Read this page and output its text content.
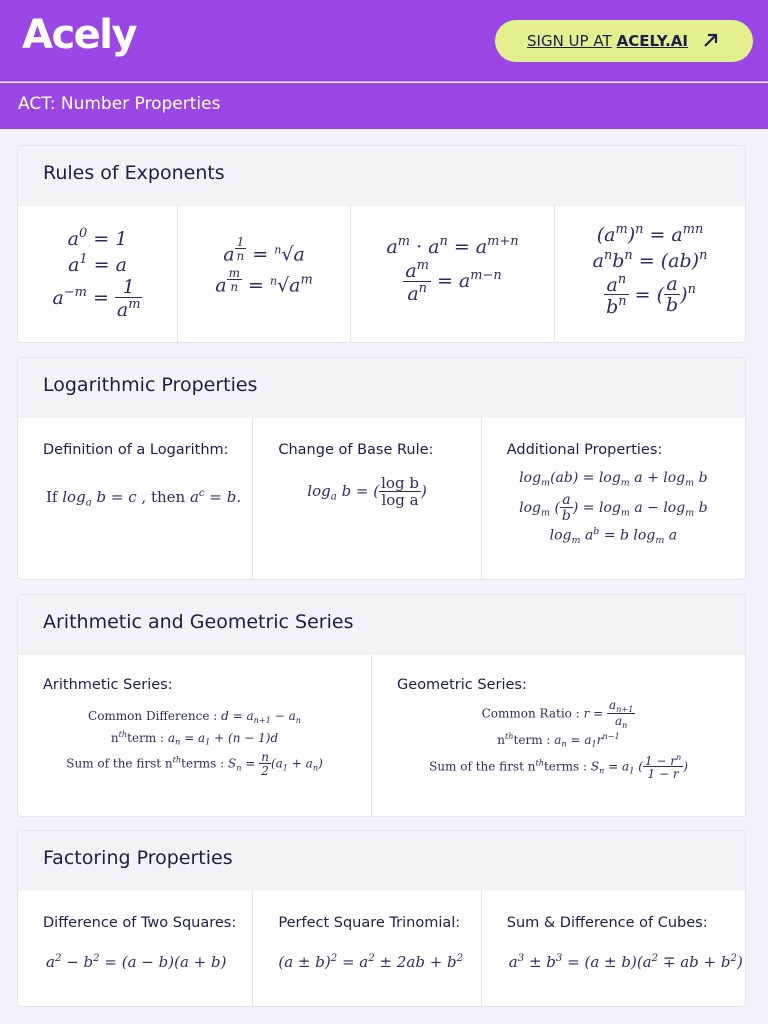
Acely	SIGN UP AT ACELY.AI
ACT: Number Properties
Rules of Exponents
$a^0 = 1$
$a^1 = a$
$a^{-m} = \frac{1}{a^m}$
a $^{\frac{1}{n}}$ = $^n$√a
a $^{\frac{m}{n}} = ^n√a^m$
$a^m \cdot a^n = a^{m+n}$
$\frac{a^m}{a^n} = a^{m-n}$
$(a^m)^n = a^{mn}$
$a^nb^n = (ab)^n$
$\frac{a^n}{b^n}$ = ( $\frac{a}{b} )^n$
Logarithmic Properties
Definition of a Logarithm:
If $\log_a b = c$ , then $a^c = b$.
Change of Base Rule:
$\log_a b$ = ( $\frac{\text{log b}}{\text{log a}}$ )
Additional Properties:
$\log_m(ab) = \log_m a + \log_m b$
$\log_m$ ( $\frac{a}{b}$ ) = $\log_m a - \log_m b$
$\log_m a^b = b$ $\log_m a$
Arithmetic and Geometric Series
Arithmetic Series:
Common Difference : $d = a_{n+1} - a_n$
$n^{th}term$ : $a_n = a_1 + (n - 1)d$
Sum of the first $n^{th}terms$ : $S_n = \frac{n}{2} (a_1 + a_n)$
Geometric Series:
Common Ratio : $r = \frac{a_{n+1}}{a_n}$
$n^{th}term$ : $a_n = a_1r^{n-1}$
Sum of the first $n^{th}terms$ : $S_n = a_1$ ( $\frac{1 - r^n}{1 - r}$ )
Factoring Properties
Difference of Two Squares:
$a^2 - b^2 = (a - b)(a + b)$
Perfect Square Trinomial:
$(a \pm b)^2 = a^2 \pm 2ab + b^2$
Sum & Difference of Cubes:
$a^3 \pm b^3 = (a \pm b)(a^2$ ∓ ab + $b^2$)
